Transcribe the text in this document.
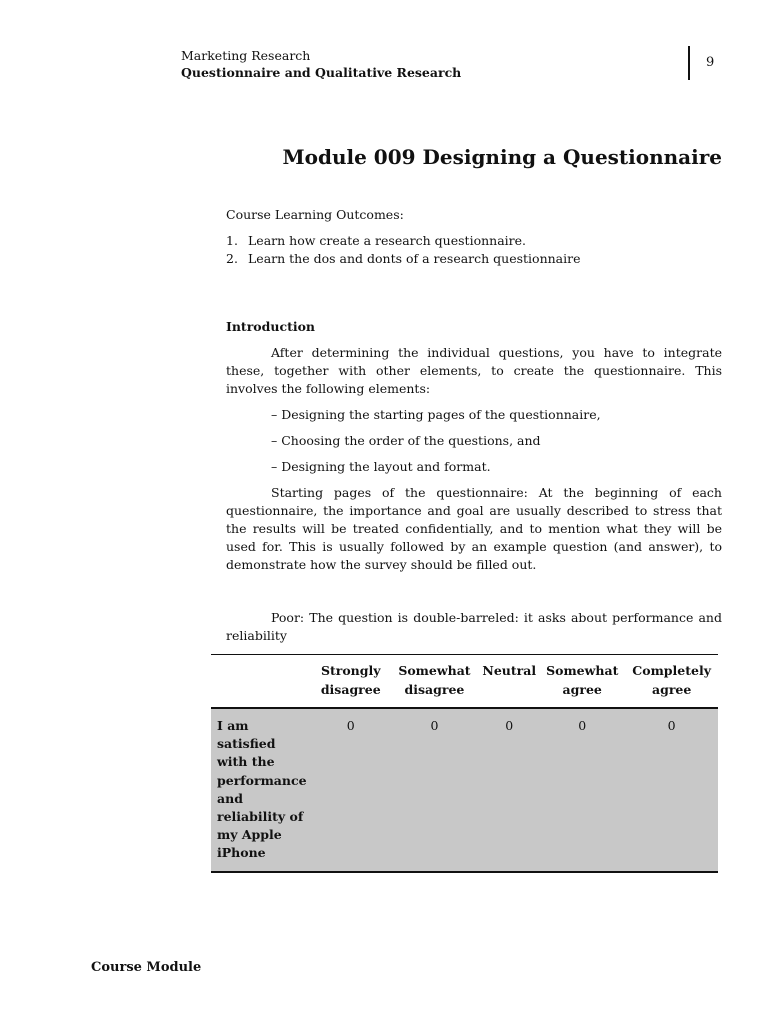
Marketing Research
Questionnaire and Qualitative Research
9
Module 009 Designing a Questionnaire
Course Learning Outcomes:
1. Learn how create a research questionnaire.
2. Learn the dos and donts of a research questionnaire
Introduction

After determining the individual questions, you have to integrate these, together with other elements, to create the questionnaire. This involves the following elements:

– Designing the starting pages of the questionnaire,

– Choosing the order of the questions, and

– Designing the layout and format.

Starting pages of the questionnaire: At the beginning of each questionnaire, the importance and goal are usually described to stress that the results will be treated confidentially, and to mention what they will be used for. This is usually followed by an example question (and answer), to demonstrate how the survey should be filled out.

Poor: The question is double-barreled: it asks about performance and reliability

	Strongly disagree	Somewhat disagree	Neutral	Somewhat agree	Completely agree
I am satisfied with the performance and reliability of my Apple iPhone	0	0	0	0	0
Course Module
